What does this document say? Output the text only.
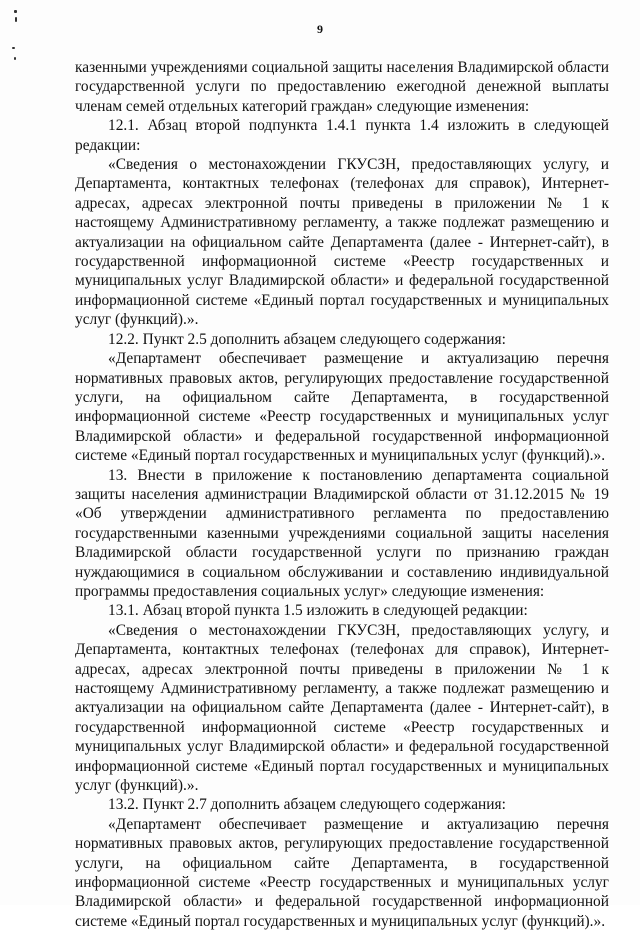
9

казенными учреждениями социальной защиты населения Владимирской области государственной услуги по предоставлению ежегодной денежной выплаты членам семей отдельных категорий граждан» следующие изменения:

12.1. Абзац второй подпункта 1.4.1 пункта 1.4 изложить в следующей редакции:

«Сведения о местонахождении ГКУСЗН, предоставляющих услугу, и Департамента, контактных телефонах (телефонах для справок), Интернет-адресах, адресах электронной почты приведены в приложении № 1 к настоящему Административному регламенту, а также подлежат размещению и актуализации на официальном сайте Департамента (далее - Интернет-сайт), в государственной информационной системе «Реестр государственных и муниципальных услуг Владимирской области» и федеральной государственной информационной системе «Единый портал государственных и муниципальных услуг (функций).».

12.2. Пункт 2.5 дополнить абзацем следующего содержания:

«Департамент обеспечивает размещение и актуализацию перечня нормативных правовых актов, регулирующих предоставление государственной услуги, на официальном сайте Департамента, в государственной информационной системе «Реестр государственных и муниципальных услуг Владимирской области» и федеральной государственной информационной системе «Единый портал государственных и муниципальных услуг (функций).».

13. Внести в приложение к постановлению департамента социальной защиты населения администрации Владимирской области от 31.12.2015 № 19 «Об утверждении административного регламента по предоставлению государственными казенными учреждениями социальной защиты населения Владимирской области государственной услуги по признанию граждан нуждающимися в социальном обслуживании и составлению индивидуальной программы предоставления социальных услуг» следующие изменения:

13.1. Абзац второй пункта 1.5 изложить в следующей редакции:

«Сведения о местонахождении ГКУСЗН, предоставляющих услугу, и Департамента, контактных телефонах (телефонах для справок), Интернет-адресах, адресах электронной почты приведены в приложении № 1 к настоящему Административному регламенту, а также подлежат размещению и актуализации на официальном сайте Департамента (далее - Интернет-сайт), в государственной информационной системе «Реестр государственных и муниципальных услуг Владимирской области» и федеральной государственной информационной системе «Единый портал государственных и муниципальных услуг (функций).».

13.2. Пункт 2.7 дополнить абзацем следующего содержания:

«Департамент обеспечивает размещение и актуализацию перечня нормативных правовых актов, регулирующих предоставление государственной услуги, на официальном сайте Департамента, в государственной информационной системе «Реестр государственных и муниципальных услуг Владимирской области» и федеральной государственной информационной системе «Единый портал государственных и муниципальных услуг (функций).».
